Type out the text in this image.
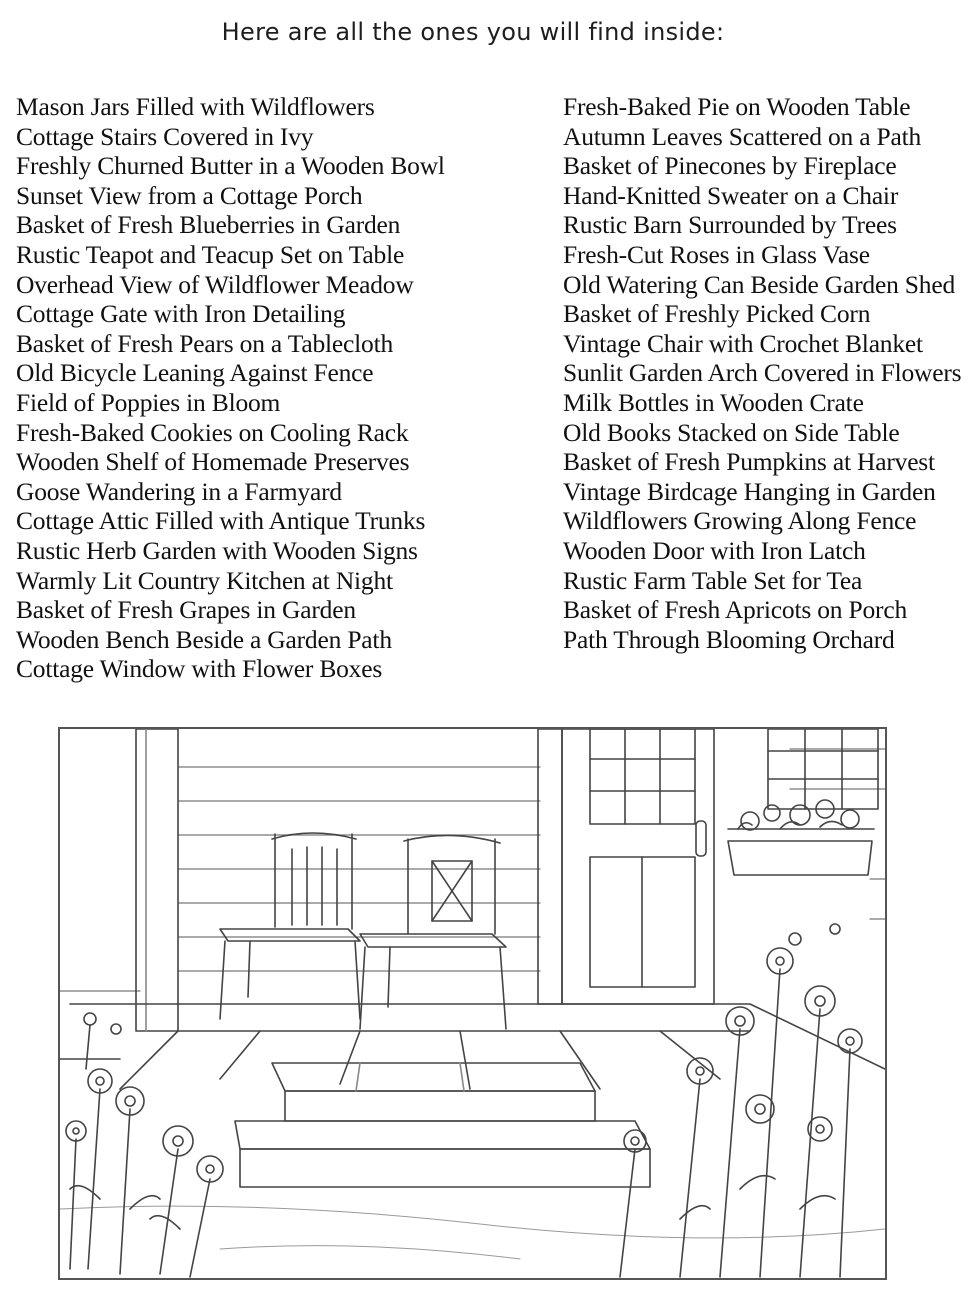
Here are all the ones you will find inside:
Mason Jars Filled with Wildflowers
Cottage Stairs Covered in Ivy
Freshly Churned Butter in a Wooden Bowl
Sunset View from a Cottage Porch
Basket of Fresh Blueberries in Garden
Rustic Teapot and Teacup Set on Table
Overhead View of Wildflower Meadow
Cottage Gate with Iron Detailing
Basket of Fresh Pears on a Tablecloth
Old Bicycle Leaning Against Fence
Field of Poppies in Bloom
Fresh-Baked Cookies on Cooling Rack
Wooden Shelf of Homemade Preserves
Goose Wandering in a Farmyard
Cottage Attic Filled with Antique Trunks
Rustic Herb Garden with Wooden Signs
Warmly Lit Country Kitchen at Night
Basket of Fresh Grapes in Garden
Wooden Bench Beside a Garden Path
Cottage Window with Flower Boxes
Fresh-Baked Pie on Wooden Table
Autumn Leaves Scattered on a Path
Basket of Pinecones by Fireplace
Hand-Knitted Sweater on a Chair
Rustic Barn Surrounded by Trees
Fresh-Cut Roses in Glass Vase
Old Watering Can Beside Garden Shed
Basket of Freshly Picked Corn
Vintage Chair with Crochet Blanket
Sunlit Garden Arch Covered in Flowers
Milk Bottles in Wooden Crate
Old Books Stacked on Side Table
Basket of Fresh Pumpkins at Harvest
Vintage Birdcage Hanging in Garden
Wildflowers Growing Along Fence
Wooden Door with Iron Latch
Rustic Farm Table Set for Tea
Basket of Fresh Apricots on Porch
Path Through Blooming Orchard
